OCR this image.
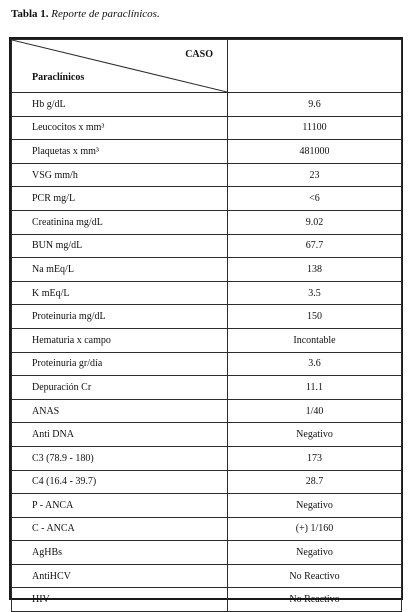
Tabla 1. Reporte de paraclínicos.
CASO
Paraclínicos	

Hb g/dL	9.6
Leucocitos x mm³	11100
Plaquetas x mm³	481000
VSG mm/h	23
PCR mg/L	<6
Creatinina mg/dL	9.02
BUN mg/dL	67.7
Na mEq/L	138
K mEq/L	3.5
Proteinuria mg/dL	150
Hematuria x campo	Incontable
Proteinuria gr/día	3.6
Depuración Cr	11.1
ANAS	1/40
Anti DNA	Negativo
C3 (78.9 - 180)	173
C4 (16.4 - 39.7)	28.7
P - ANCA	Negativo
C - ANCA	(+) 1/160
AgHBs	Negativo
AntiHCV	No Reactivo
HIV	No Reactivo
